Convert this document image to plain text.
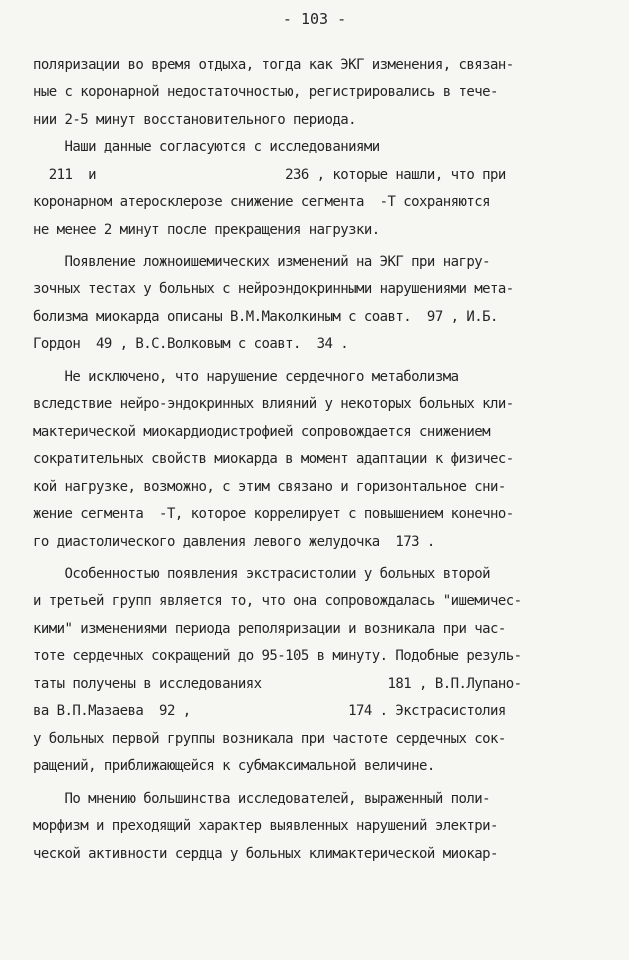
- 103 -

поляризации во время отдыха, тогда как ЭКГ изменения, связан-

ные с коронарной недостаточностью, регистрировались в тече-

нии 2-5 минут восстановительного периода.

Наши данные согласуются с исследованиями

211  и                        236 , которые нашли, что при

коронарном атеросклерозе снижение сегмента  -Т сохраняются

не менее 2 минут после прекращения нагрузки.

Появление ложноишемических изменений на ЭКГ при нагру-

зочных тестах у больных с нейроэндокринными нарушениями мета-

болизма миокарда описаны В.М.Маколкиным с соавт.  97 , И.Б.

Гордон  49 , В.С.Волковым с соавт.  34 .

Не исключено, что нарушение сердечного метаболизма

вследствие нейро-эндокринных влияний у некоторых больных кли-

мактерической миокардиодистрофией сопровождается снижением

сократительных свойств миокарда в момент адаптации к физичес-

кой нагрузке, возможно, с этим связано и горизонтальное сни-

жение сегмента  -Т, которое коррелирует с повышением конечно-

го диастолического давления левого желудочка  173 .

Особенностью появления экстрасистолии у больных второй

и третьей групп является то, что она сопровождалась "ишемичес-

кими" изменениями периода реполяризации и возникала при час-

тоте сердечных сокращений до 95-105 в минуту. Подобные резуль-

таты получены в исследованиях                181 , В.П.Лупано-

ва В.П.Мазаева  92 ,                    174 . Экстрасистолия

у больных первой группы возникала при частоте сердечных сок-

ращений, приближающейся к субмаксимальной величине.

По мнению большинства исследователей, выраженный поли-

морфизм и преходящий характер выявленных нарушений электри-

ческой активности сердца у больных климактерической миокар-
